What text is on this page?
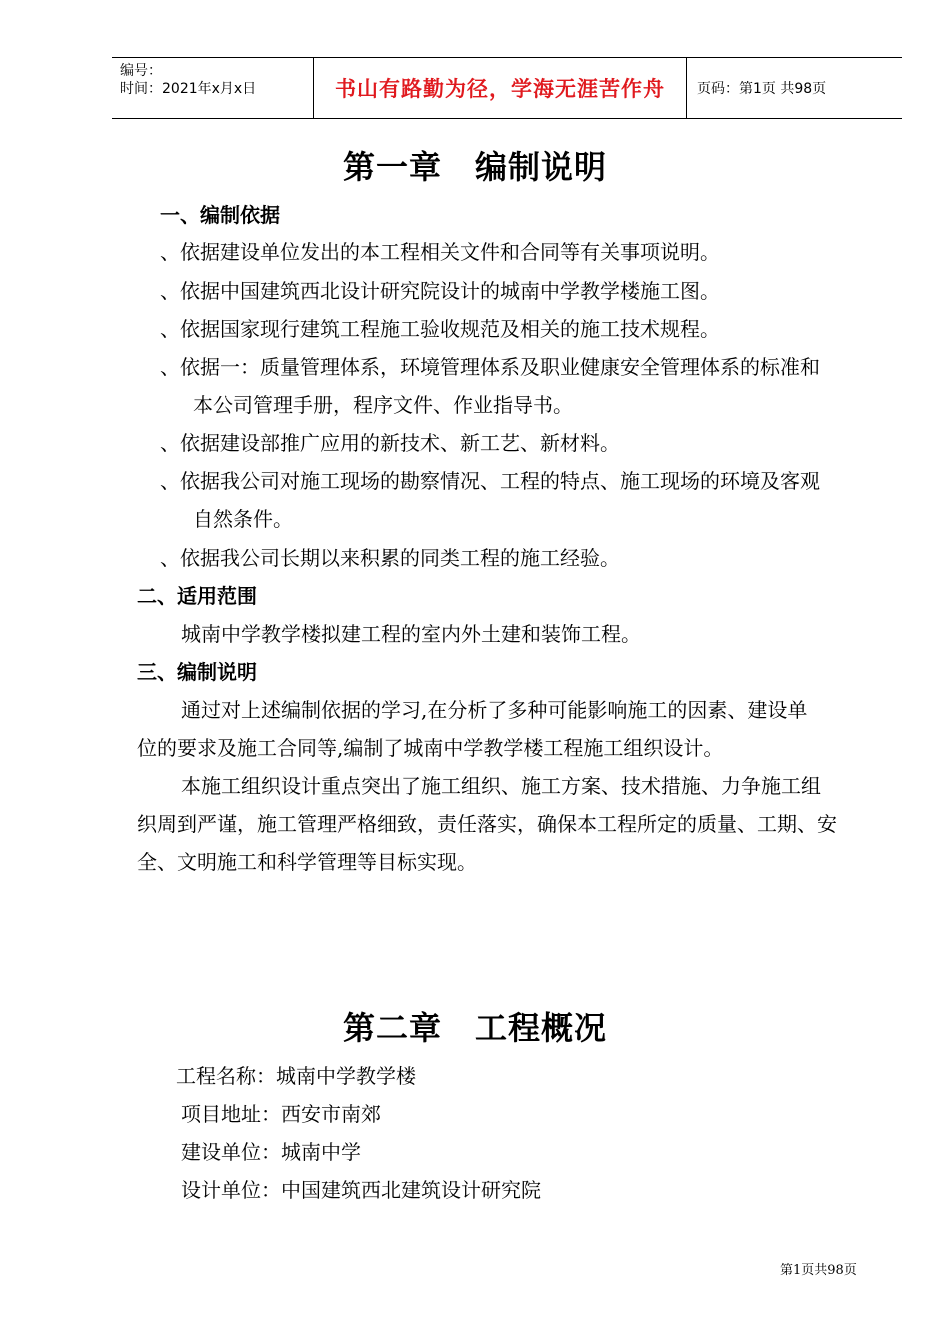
编号：
时间：2021年x月x日	书山有路勤为径，学海无涯苦作舟	页码：第1页 共98页
第一章　编制说明
一、编制依据
、依据建设单位发出的本工程相关文件和合同等有关事项说明。
、依据中国建筑西北设计研究院设计的城南中学教学楼施工图。
、依据国家现行建筑工程施工验收规范及相关的施工技术规程。
、依据一：质量管理体系，环境管理体系及职业健康安全管理体系的标准和
本公司管理手册，程序文件、作业指导书。
、依据建设部推广应用的新技术、新工艺、新材料。
、依据我公司对施工现场的勘察情况、工程的特点、施工现场的环境及客观
自然条件。
、依据我公司长期以来积累的同类工程的施工经验。
二、适用范围
城南中学教学楼拟建工程的室内外土建和装饰工程。
三、编制说明
通过对上述编制依据的学习,在分析了多种可能影响施工的因素、建设单
位的要求及施工合同等,编制了城南中学教学楼工程施工组织设计。
本施工组织设计重点突出了施工组织、施工方案、技术措施、力争施工组
织周到严谨，施工管理严格细致，责任落实，确保本工程所定的质量、工期、安
全、文明施工和科学管理等目标实现。
第二章　工程概况
工程名称：城南中学教学楼
项目地址：西安市南郊
建设单位：城南中学
设计单位：中国建筑西北建筑设计研究院
第1页共98页
